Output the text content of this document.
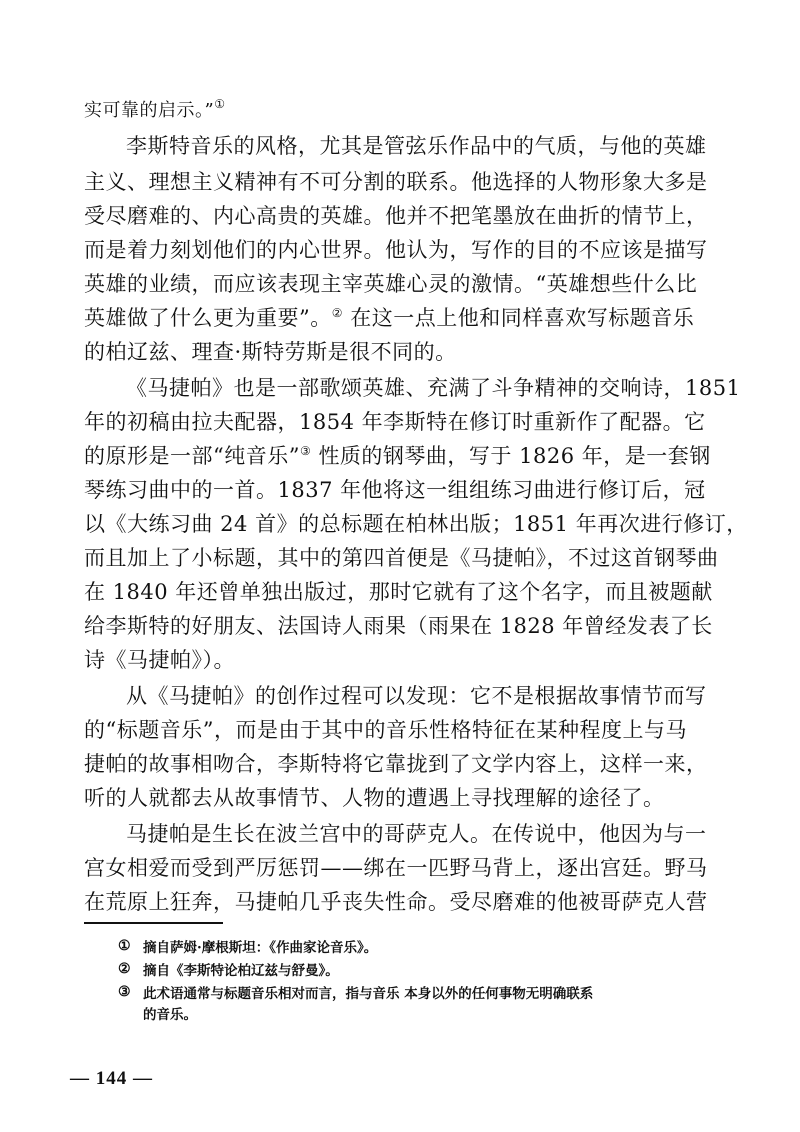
实可靠的启示。”①
李斯特音乐的风格，尤其是管弦乐作品中的气质，与他的英雄
主义、理想主义精神有不可分割的联系。他选择的人物形象大多是
受尽磨难的、内心高贵的英雄。他并不把笔墨放在曲折的情节上，
而是着力刻划他们的内心世界。他认为，写作的目的不应该是描写
英雄的业绩，而应该表现主宰英雄心灵的激情。“英雄想些什么比
英雄做了什么更为重要”。② 在这一点上他和同样喜欢写标题音乐
的柏辽兹、理查·斯特劳斯是很不同的。
《马捷帕》也是一部歌颂英雄、充满了斗争精神的交响诗，1851
年的初稿由拉夫配器，1854 年李斯特在修订时重新作了配器。它
的原形是一部“纯音乐”③ 性质的钢琴曲，写于 1826 年，是一套钢
琴练习曲中的一首。1837 年他将这一组组练习曲进行修订后，冠
以《大练习曲 24 首》的总标题在柏林出版；1851 年再次进行修订，
而且加上了小标题，其中的第四首便是《马捷帕》，不过这首钢琴曲
在 1840 年还曾单独出版过，那时它就有了这个名字，而且被题献
给李斯特的好朋友、法国诗人雨果（雨果在 1828 年曾经发表了长
诗《马捷帕》）。
从《马捷帕》的创作过程可以发现：它不是根据故事情节而写
的“标题音乐”，而是由于其中的音乐性格特征在某种程度上与马
捷帕的故事相吻合，李斯特将它靠拢到了文学内容上，这样一来，
听的人就都去从故事情节、人物的遭遇上寻找理解的途径了。
马捷帕是生长在波兰宫中的哥萨克人。在传说中，他因为与一
宫女相爱而受到严厉惩罚——绑在一匹野马背上，逐出宫廷。野马
在荒原上狂奔，马捷帕几乎丧失性命。受尽磨难的他被哥萨克人营
① 摘自萨姆·摩根斯坦：《作曲家论音乐》。
② 摘自《李斯特论柏辽兹与舒曼》。
③ 此术语通常与标题音乐相对而言，指与音乐 本身以外的任何事物无明确联系
的音乐。
— 144 —
